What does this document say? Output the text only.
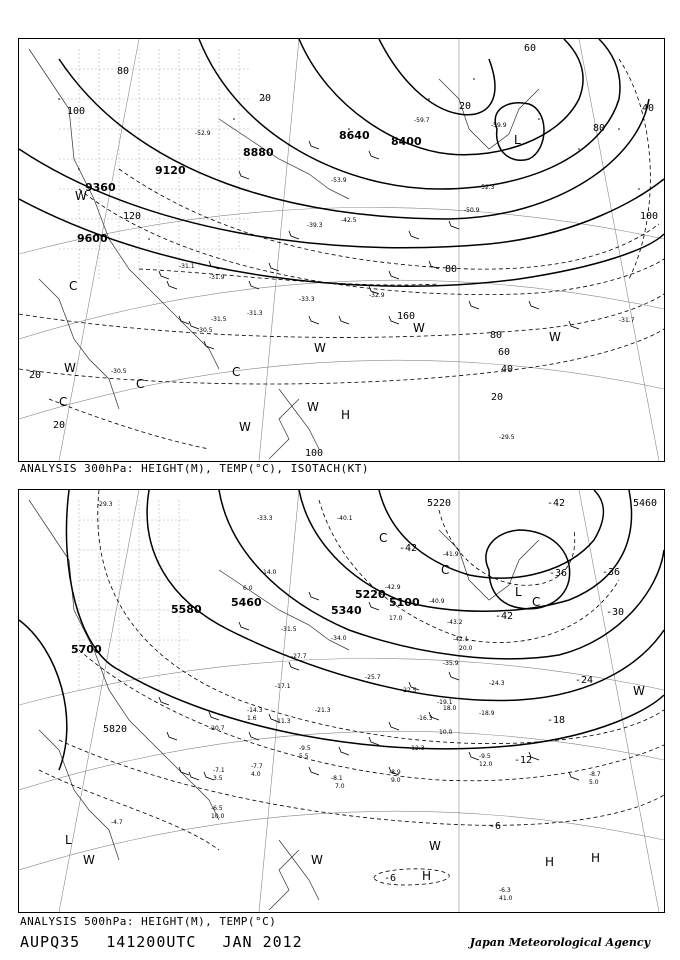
9600
9360
9120
8880
8640 8400
100
80
120
20
20
60
80
40
100
80
60
40
20
20
20
100
160
80
-31.9
-31.5
-30.5
-30.5
-31.3
-33.3
-31.7
-29.5
-42.5
-53.9
-59.7
-50.9
-52.3
-52.9
-59.9
-39.3
-32.9
-31.1
L
H
C
C
C
C
W
W
W
W
W
W
W
ANALYSIS 300hPa: HEIGHT(M), TEMP(°C), ISOTACH(KT)
5700
5580
5460
5340
5220
5100
5220	5460
5820
-42
-42
-36
-30
-24
-18
-12
-6
-6
-42
-36
-29.3
-33.3	-40.1
-42.9
-41.9
-40.9
-43.2
-42.1
-35.9
-31.5
-34.0
-27.7
-25.7
-22.5
-19.1
-16.3
-12.3
-9.5
-8.9
-8.1
-8.7
-6.5
-4.7
-6.3
-7.1
-7.7
-9.5
-11.3
-14.3	-18.9
-24.3
-21.3
-17.1
-20.7
6.0
14.0
17.0
20.0
18.0
10.0
12.0
9.0
7.0
5.0
10.0
41.0
3.5
4.0
5.5
1.6
L
L
H
H	H
C
C
C
W	W
W
W
ANALYSIS 500hPa: HEIGHT(M), TEMP(°C)
AUPQ35 141200UTC JAN 2012	Japan Meteorological Agency
